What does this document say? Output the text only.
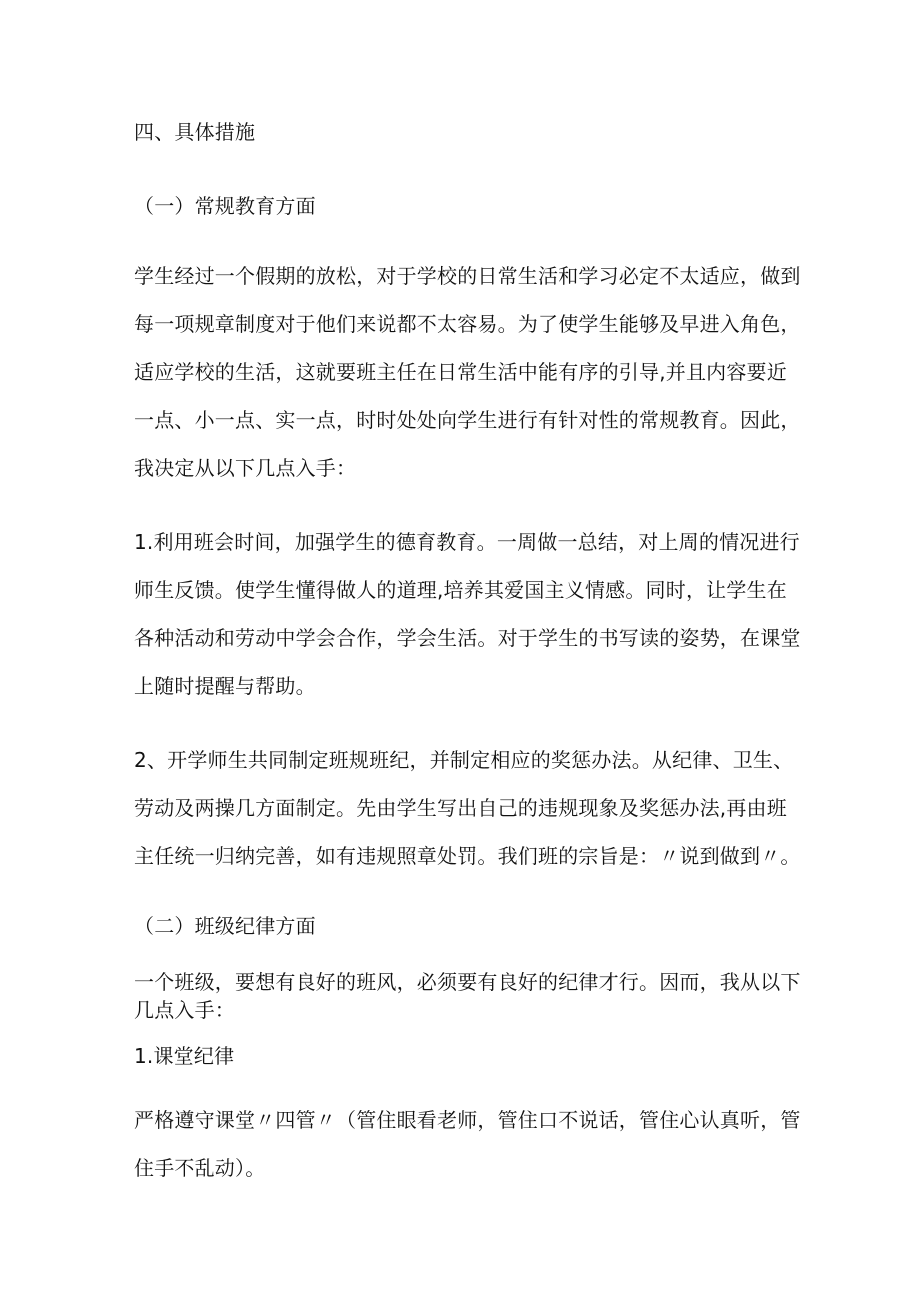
四、具体措施
（一）常规教育方面
学生经过一个假期的放松，对于学校的日常生活和学习必定不太适应，做到
每一项规章制度对于他们来说都不太容易。为了使学生能够及早进入角色，
适应学校的生活，这就要班主任在日常生活中能有序的引导,并且内容要近
一点、小一点、实一点，时时处处向学生进行有针对性的常规教育。因此，
我决定从以下几点入手：
1.利用班会时间，加强学生的德育教育。一周做一总结，对上周的情况进行
师生反馈。使学生懂得做人的道理,培养其爱国主义情感。同时，让学生在
各种活动和劳动中学会合作，学会生活。对于学生的书写读的姿势，在课堂
上随时提醒与帮助。
2、开学师生共同制定班规班纪，并制定相应的奖惩办法。从纪律、卫生、
劳动及两操几方面制定。先由学生写出自己的违规现象及奖惩办法,再由班
主任统一归纳完善，如有违规照章处罚。我们班的宗旨是：〃说到做到〃。
（二）班级纪律方面
一个班级，要想有良好的班风，必须要有良好的纪律才行。因而，我从以下
几点入手：
1.课堂纪律
严格遵守课堂〃四管〃（管住眼看老师，管住口不说话，管住心认真听，管
住手不乱动）。
